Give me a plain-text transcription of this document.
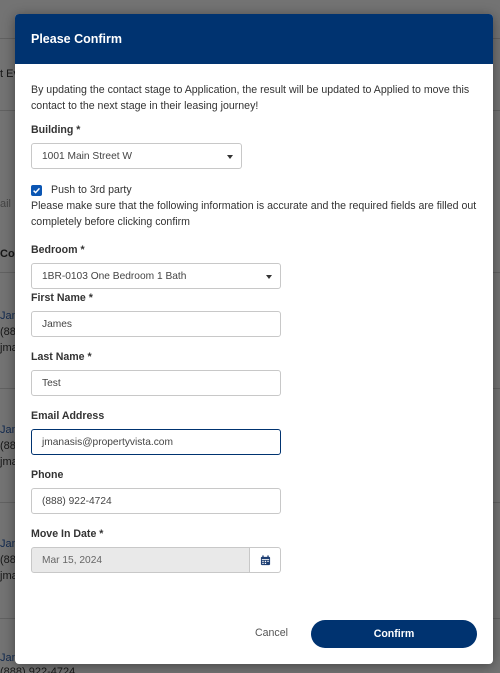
Please Confirm
By updating the contact stage to Application, the result will be updated to Applied to move this contact to the next stage in their leasing journey!
Building *
1001 Main Street W
Push to 3rd party
Please make sure that the following information is accurate and the required fields are filled out completely before clicking confirm
Bedroom *
1BR-0103 One Bedroom 1 Bath
First Name *
James
Last Name *
Test
Email Address
jmanasis@propertyvista.com
Phone
(888) 922-4724
Move In Date *
Mar 15, 2024
Cancel	Confirm
